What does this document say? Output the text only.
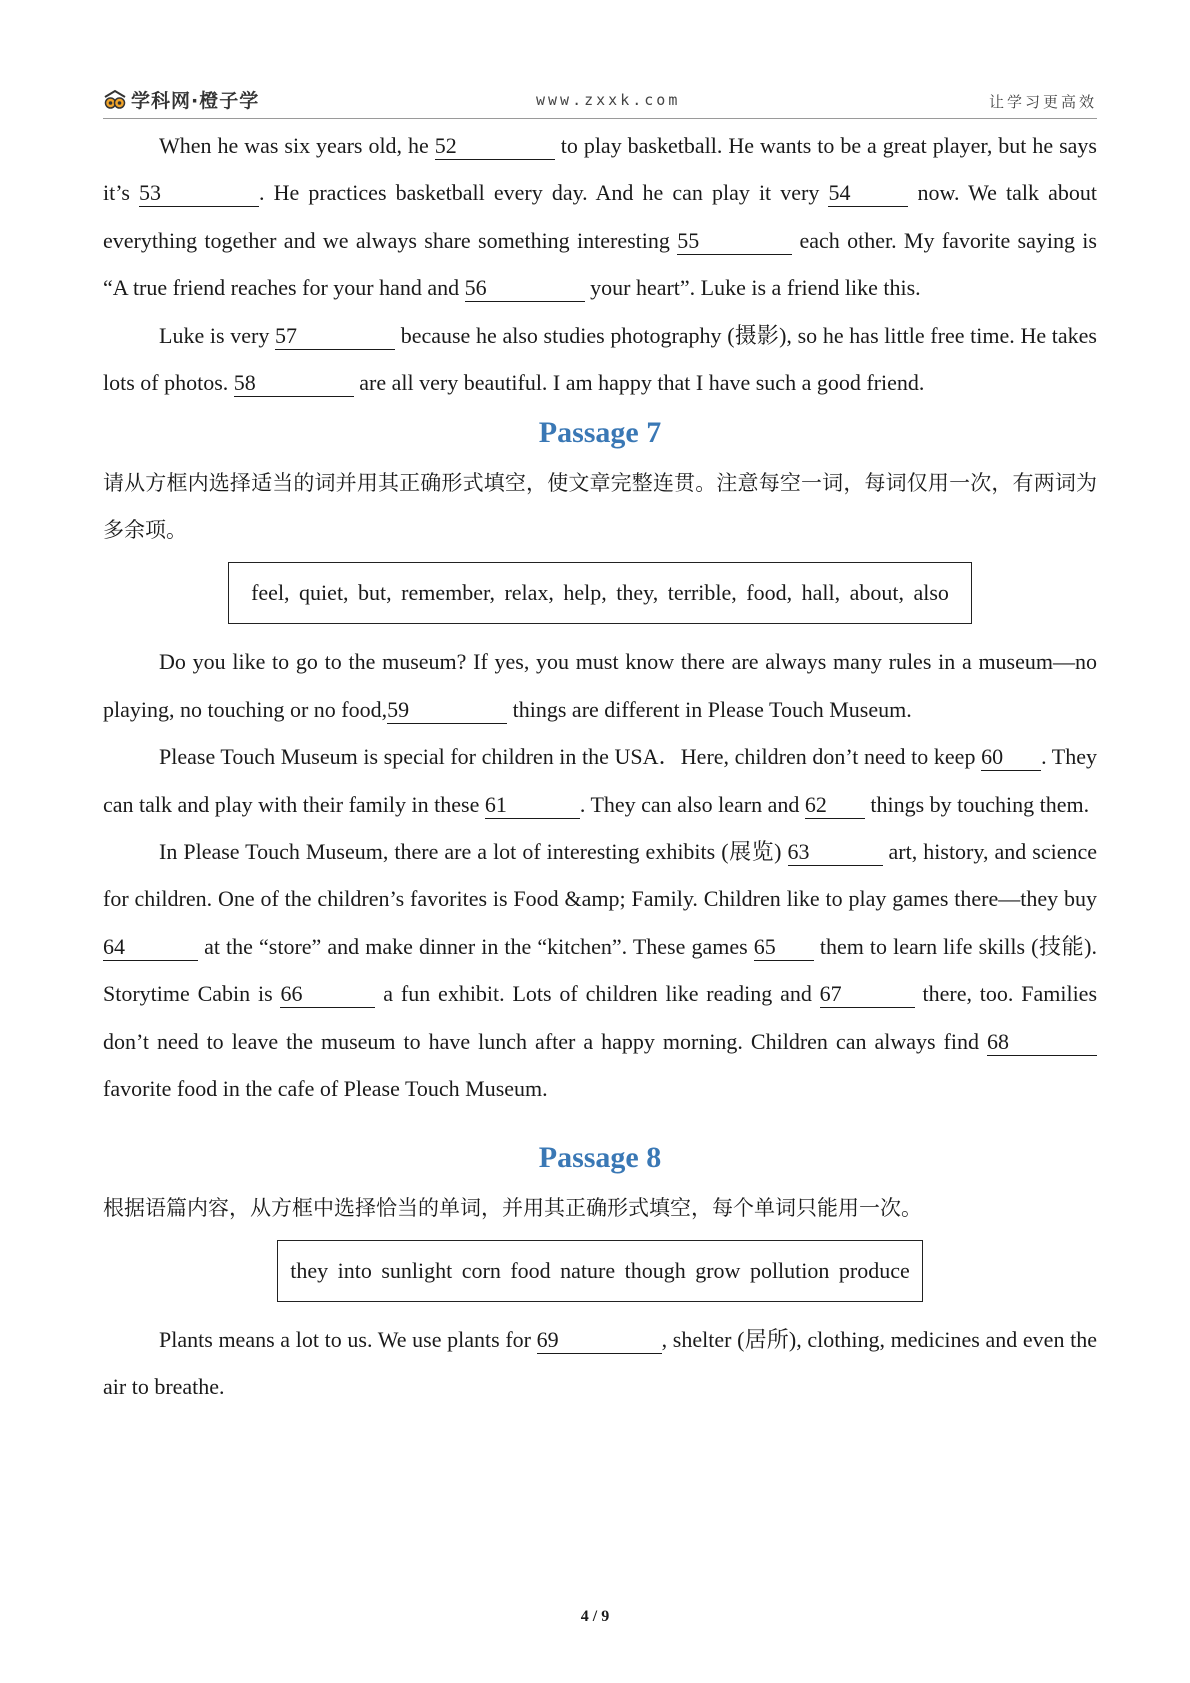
学科网·橙子学	www.zxxk.com	让学习更高效

When he was six years old, he 52	to play basketball. He wants to be a great player, but he says it’s 53	. He practices basketball every day. And he can play it very 54	now. We talk about everything together and we always share something interesting 55	each other. My favorite saying is “A true friend reaches for your hand and 56	your heart”. Luke is a friend like this.

Luke is very 57	because he also studies photography (摄影), so he has little free time. He takes lots of photos. 58	are all very beautiful. I am happy that I have such a good friend.

Passage 7

请从方框内选择适当的词并用其正确形式填空，使文章完整连贯。注意每空一词，每词仅用一次，有两词为多余项。

feel, quiet, but, remember, relax, help, they, terrible, food, hall, about, also

Do you like to go to the museum? If yes, you must know there are always many rules in a museum—no playing, no touching or no food,59	things are different in Please Touch Museum.

Please Touch Museum is special for children in the USA．Here, children don’t need to keep 60 . They can talk and play with their family in these 61	. They can also learn and 62 things by touching them.

In Please Touch Museum, there are a lot of interesting exhibits (展览) 63	art, history, and science for children. One of the children’s favorites is Food &amp; Family. Children like to play games there—they buy 64	at the “store” and make dinner in the “kitchen”. These games 65 them to learn life skills (技能). Storytime Cabin is 66	a fun exhibit. Lots of children like reading and 67	there, too. Families don’t need to leave the museum to have lunch after a happy morning. Children can always find 68 favorite food in the cafe of Please Touch Museum.

Passage 8

根据语篇内容，从方框中选择恰当的单词，并用其正确形式填空，每个单词只能用一次。

they into sunlight corn food nature though grow pollution produce

Plants means a lot to us. We use plants for 69	, shelter (居所), clothing, medicines and even the air to breathe.

4 / 9
